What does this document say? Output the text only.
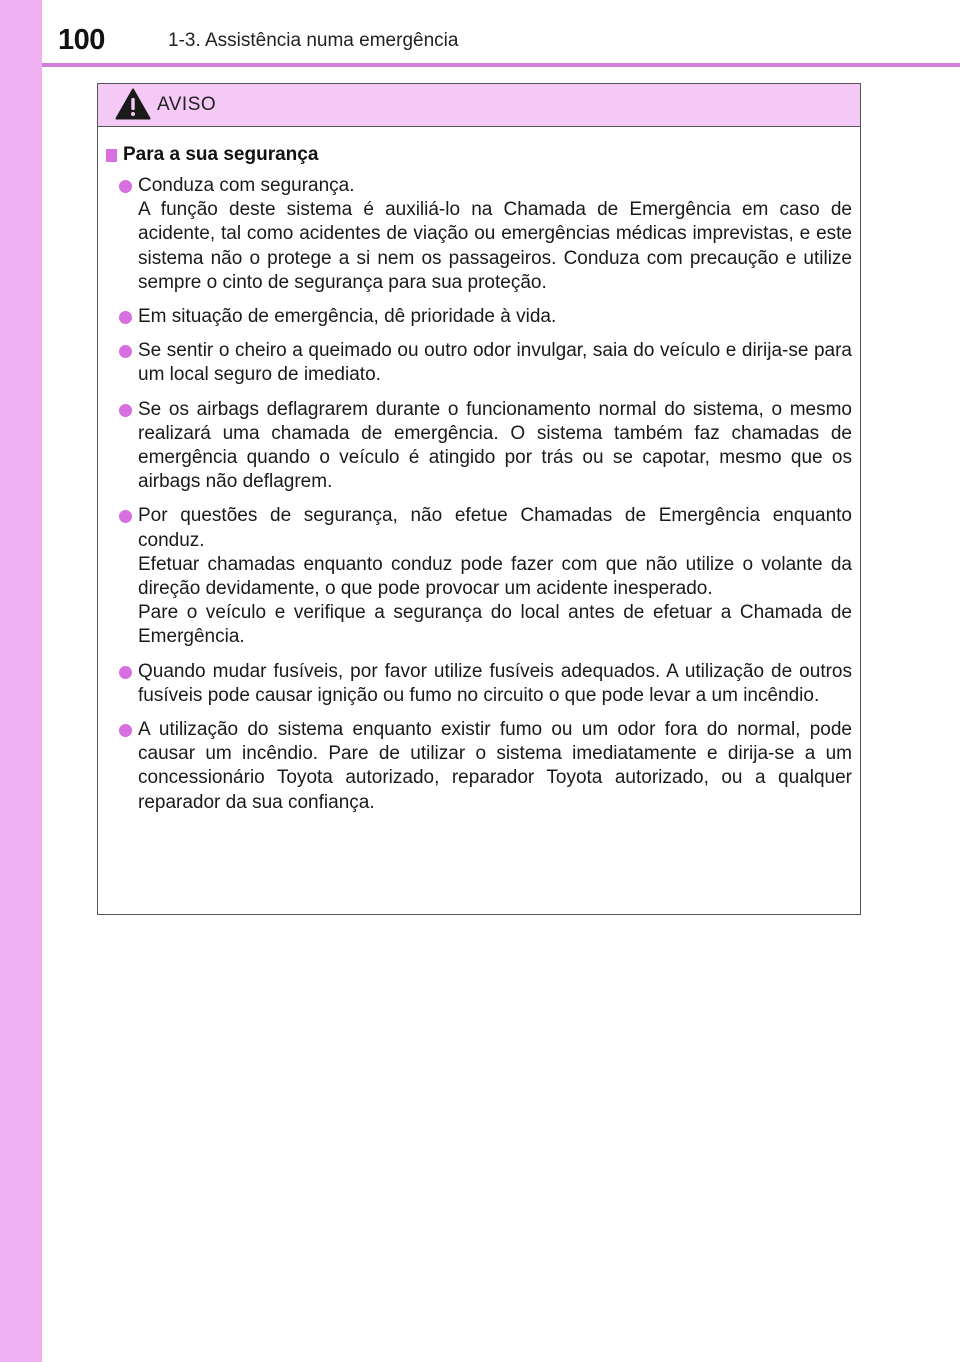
100	1-3. Assistência numa emergência
AVISO
Para a sua segurança

Conduza com segurança.

A função deste sistema é auxiliá-lo na Chamada de Emergência em caso de acidente, tal como acidentes de viação ou emergências médicas imprevistas, e este sistema não o protege a si nem os passageiros. Conduza com precaução e utilize sempre o cinto de segurança para sua proteção.

Em situação de emergência, dê prioridade à vida.

Se sentir o cheiro a queimado ou outro odor invulgar, saia do veículo e dirija-se para um local seguro de imediato.

Se os airbags deflagrarem durante o funcionamento normal do sistema, o mesmo realizará uma chamada de emergência. O sistema também faz chamadas de emergência quando o veículo é atingido por trás ou se capotar, mesmo que os airbags não deflagrem.

Por questões de segurança, não efetue Chamadas de Emergência enquanto conduz.

Efetuar chamadas enquanto conduz pode fazer com que não utilize o volante da direção devidamente, o que pode provocar um acidente inesperado.

Pare o veículo e verifique a segurança do local antes de efetuar a Chamada de Emergência.

Quando mudar fusíveis, por favor utilize fusíveis adequados. A utilização de outros fusíveis pode causar ignição ou fumo no circuito o que pode levar a um incêndio.

A utilização do sistema enquanto existir fumo ou um odor fora do normal, pode causar um incêndio. Pare de utilizar o sistema imediatamente e dirija-se a um concessionário Toyota autorizado, reparador Toyota autorizado, ou a qualquer reparador da sua confiança.
